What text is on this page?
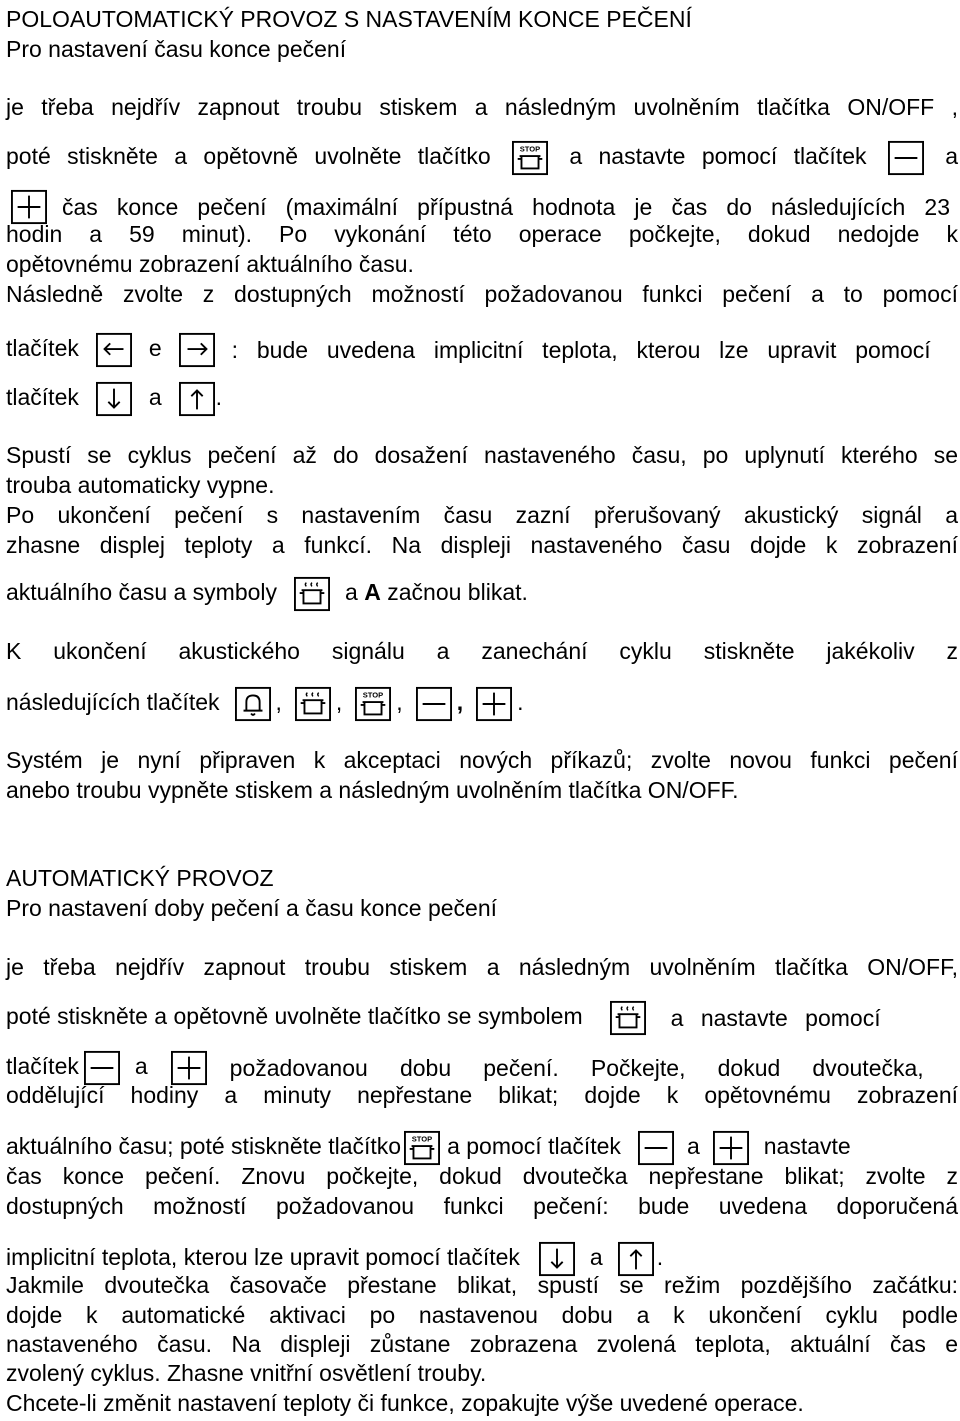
POLOAUTOMATICKÝ PROVOZ S NASTAVENÍM KONCE PEČENÍ
Pro nastavení času konce pečení
je třeba nejdřív zapnout troubu stiskem a následným uvolněním tlačítka ON/OFF ,
poté stiskněte a opětovně uvolněte tlačítko	STOP a nastavte pomocí tlačítek	a
čas konce pečení (maximální přípustná hodnota je čas do následujících 23
hodin a 59 minut). Po vykonání této operace počkejte, dokud nedojde k
opětovnému zobrazení aktuálního času.
Následně zvolte z dostupných možností požadovanou funkci pečení a to pomocí
tlačítek	e	: bude uvedena implicitní teplota, kterou lze upravit pomocí
tlačítek	a .
Spustí se cyklus pečení až do dosažení nastaveného času, po uplynutí kterého se
trouba automaticky vypne.
Po ukončení pečení s nastavením času zazní přerušovaný akustický signál a
zhasne displej teploty a funkcí. Na displeji nastaveného času dojde k zobrazení
aktuálního času a symboly	a A začnou blikat.
K ukončení akustického signálu a zanechání cyklu stiskněte jakékoliv z
následujících tlačítek , ,	STOP , , .
Systém je nyní připraven k akceptaci nových příkazů; zvolte novou funkci pečení
anebo troubu vypněte stiskem a následným uvolněním tlačítka ON/OFF.
AUTOMATICKÝ PROVOZ
Pro nastavení doby pečení a času konce pečení
je třeba nejdřív zapnout troubu stiskem a následným uvolněním tlačítka ON/OFF,
poté stiskněte a opětovně uvolněte tlačítko se symbolem	a nastavte pomocí
tlačítek a	požadovanou dobu pečení. Počkejte, dokud dvoutečka,
oddělující hodiny a minuty nepřestane blikat; dojde k opětovnému zobrazení
aktuálního času; poté stiskněte tlačítko STOP a pomocí tlačítek	a	nastavte
čas konce pečení. Znovu počkejte, dokud dvoutečka nepřestane blikat; zvolte z
dostupných možností požadovanou funkci pečení: bude uvedena doporučená
implicitní teplota, kterou lze upravit pomocí tlačítek	a .
Jakmile dvoutečka časovače přestane blikat, spustí se režim pozdějšího začátku:
dojde k automatické aktivaci po nastavenou dobu a k ukončení cyklu podle
nastaveného času. Na displeji zůstane zobrazena zvolená teplota, aktuální čas e
zvolený cyklus. Zhasne vnitřní osvětlení trouby.
Chcete-li změnit nastavení teploty či funkce, zopakujte výše uvedené operace.
